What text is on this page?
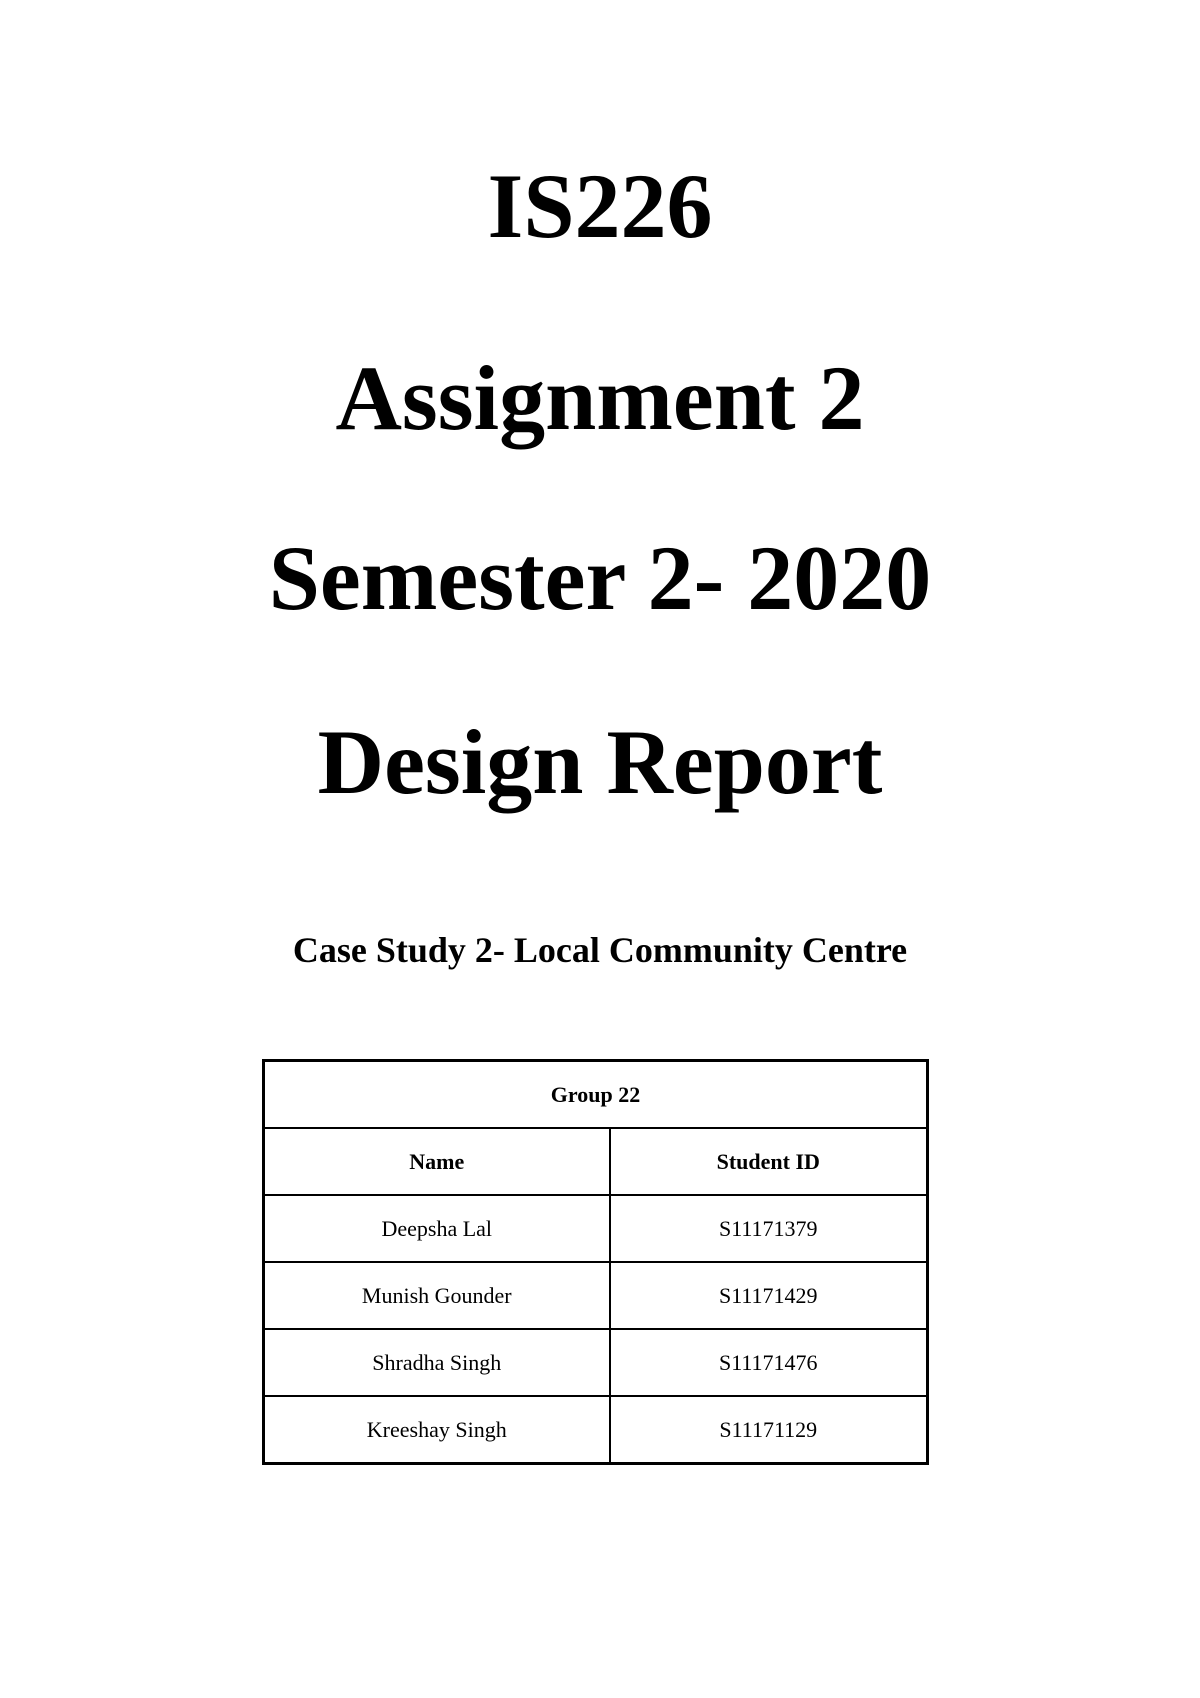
IS226
Assignment 2
Semester 2- 2020
Design Report
Case Study 2- Local Community Centre
Group 22	
Name	Student ID
Deepsha Lal	S11171379
Munish Gounder	S11171429
Shradha Singh	S11171476
Kreeshay Singh	S11171129
